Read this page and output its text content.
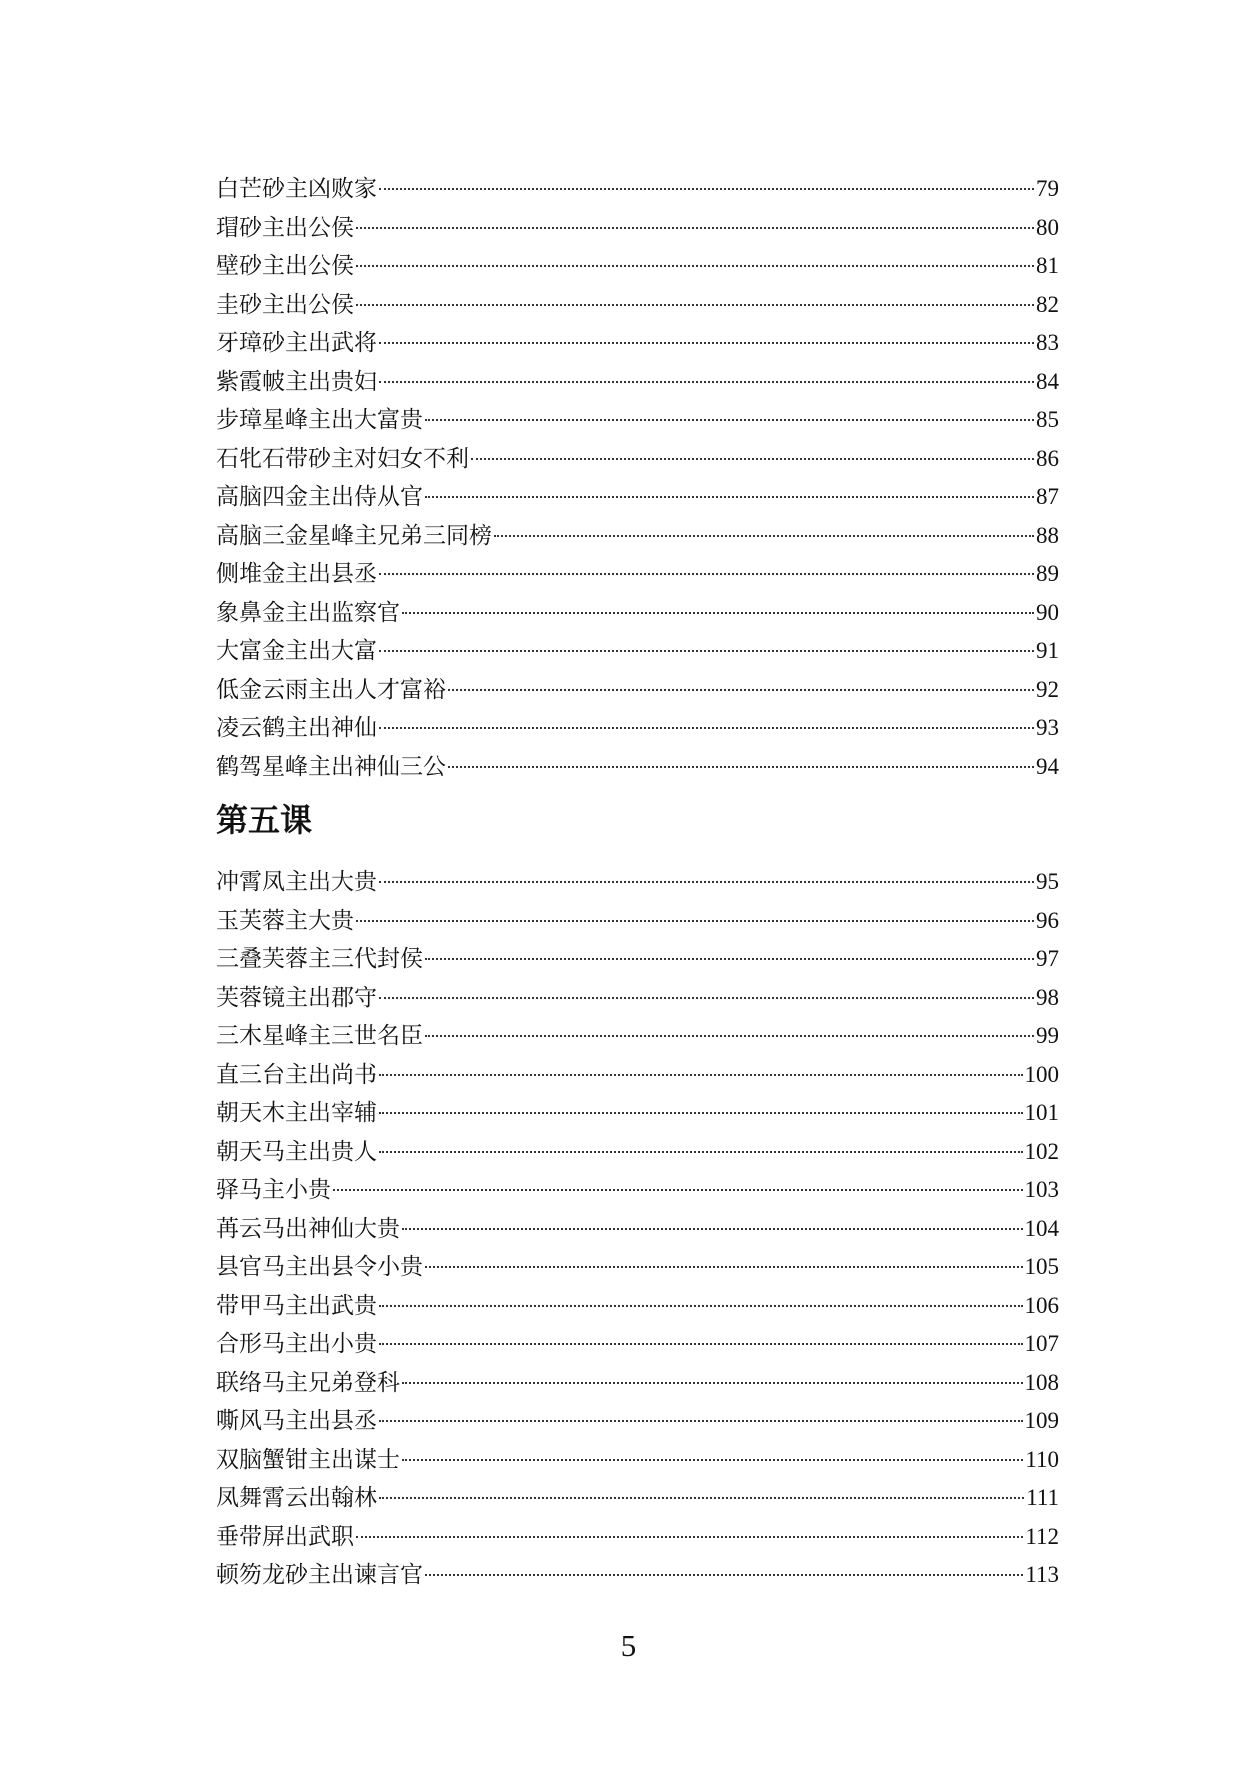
白芒砂主凶败家	79
瑁砂主出公侯	80
壁砂主出公侯	81
圭砂主出公侯	82
牙璋砂主出武将	83
紫霞帔主出贵妇	84
步璋星峰主出大富贵	85
石牝石带砂主对妇女不利	86
高脑四金主出侍从官	87
高脑三金星峰主兄弟三同榜	88
侧堆金主出县丞	89
象鼻金主出监察官	90
大富金主出大富	91
低金云雨主出人才富裕	92
凌云鹤主出神仙	93
鹤驾星峰主出神仙三公	94
第五课
冲霄凤主出大贵	95
玉芙蓉主大贵	96
三叠芙蓉主三代封侯	97
芙蓉镜主出郡守	98
三木星峰主三世名臣	99
直三台主出尚书	100
朝天木主出宰辅	101
朝天马主出贵人	102
驿马主小贵	103
苒云马出神仙大贵	104
县官马主出县令小贵	105
带甲马主出武贵	106
合形马主出小贵	107
联络马主兄弟登科	108
嘶风马主出县丞	109
双脑蟹钳主出谋士	110
凤舞霄云出翰林	111
垂带屏出武职	112
顿笏龙砂主出谏言官	113
5
